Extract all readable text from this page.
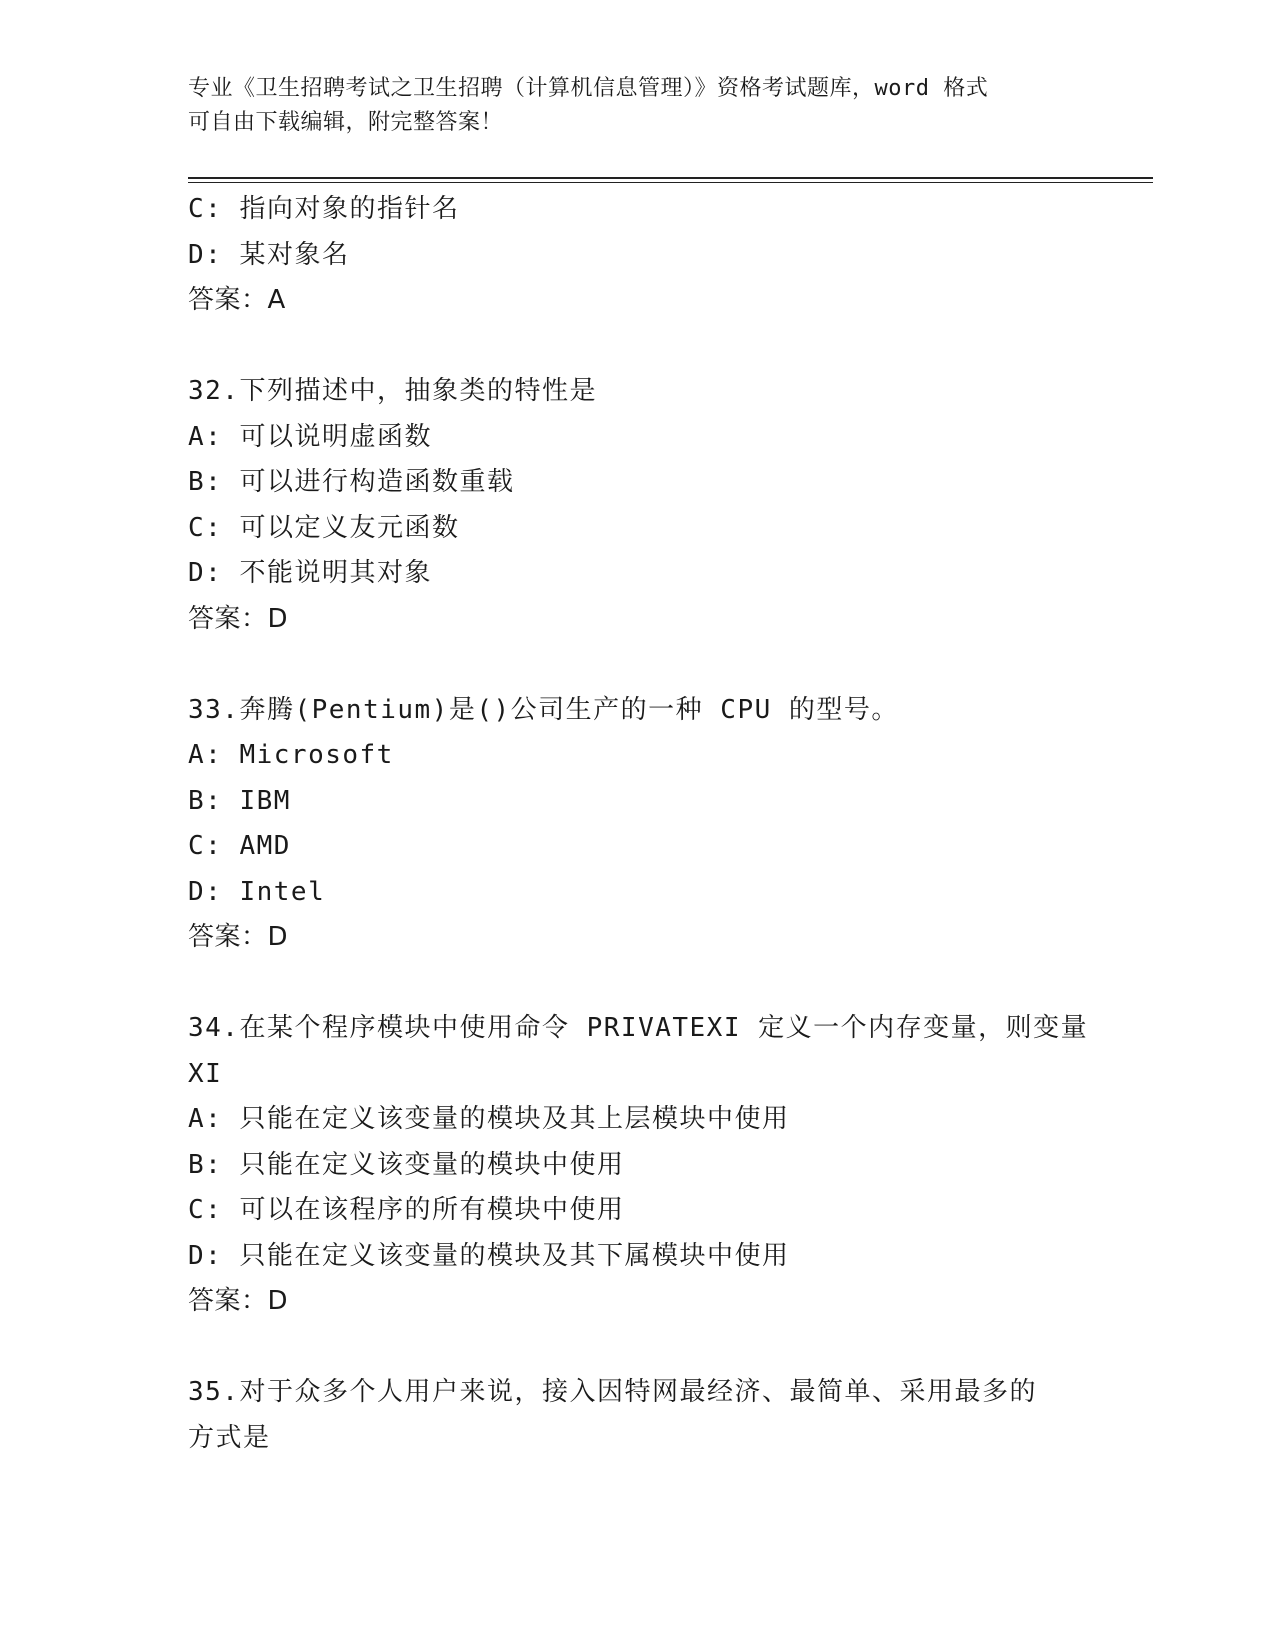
专业《卫生招聘考试之卫生招聘（计算机信息管理）》资格考试题库，word 格式
可自由下载编辑，附完整答案！
C: 指向对象的指针名
D: 某对象名
答案：A
32.下列描述中，抽象类的特性是
A: 可以说明虚函数
B: 可以进行构造函数重载
C: 可以定义友元函数
D: 不能说明其对象
答案：D
33.奔腾(Pentium)是()公司生产的一种 CPU 的型号。
A: Microsoft
B: IBM
C: AMD
D: Intel
答案：D
34.在某个程序模块中使用命令 PRIVATEXI 定义一个内存变量，则变量
XI
A: 只能在定义该变量的模块及其上层模块中使用
B: 只能在定义该变量的模块中使用
C: 可以在该程序的所有模块中使用
D: 只能在定义该变量的模块及其下属模块中使用
答案：D
35.对于众多个人用户来说，接入因特网最经济、最简单、采用最多的
方式是
